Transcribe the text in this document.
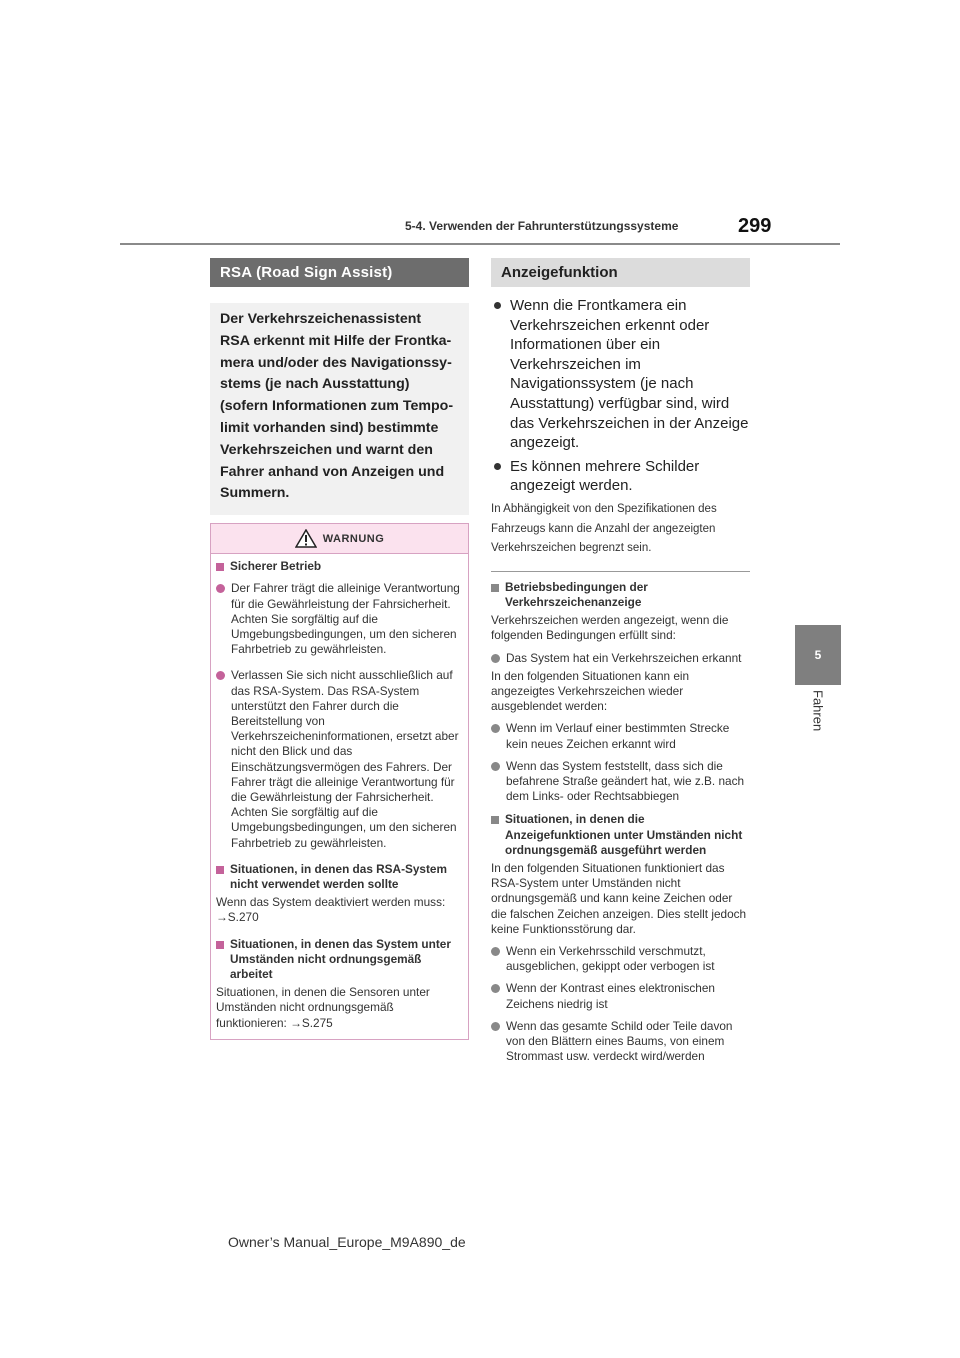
5-4. Verwenden der Fahrunterstützungssysteme	299
5
Fahren
RSA (Road Sign Assist)

Der Verkehrszeichenassistent

RSA erkennt mit Hilfe der Frontka-

mera und/oder des Navigationssy-

stems (je nach Ausstattung)

(sofern Informationen zum Tempo-

limit vorhanden sind) bestimmte

Verkehrszeichen und warnt den

Fahrer anhand von Anzeigen und

Summern.

WARNUNG
Sicherer Betrieb
Der Fahrer trägt die alleinige Verantwortung für die Gewährleistung der Fahrsicherheit. Achten Sie sorgfältig auf die Umgebungsbedingungen, um den sicheren Fahrbetrieb zu gewährleisten.
Verlassen Sie sich nicht ausschließlich auf das RSA-System. Das RSA-System unterstützt den Fahrer durch die Bereitstellung von Verkehrszeicheninformationen, ersetzt aber nicht den Blick und das Einschätzungsvermögen des Fahrers. Der Fahrer trägt die alleinige Verantwortung für die Gewährleistung der Fahrsicherheit. Achten Sie sorgfältig auf die Umgebungsbedingungen, um den sicheren Fahrbetrieb zu gewährleisten.
Situationen, in denen das RSA-System nicht verwendet werden sollte
Wenn das System deaktiviert werden muss: →S.270
Situationen, in denen das System unter Umständen nicht ordnungsgemäß arbeitet
Situationen, in denen die Sensoren unter Umständen nicht ordnungsgemäß funktionieren: →S.275
Anzeigefunktion
Wenn die Frontkamera ein Verkehrszeichen erkennt oder Informationen über ein Verkehrszeichen im Navigationssystem (je nach Ausstattung) verfügbar sind, wird das Verkehrszeichen in der Anzeige angezeigt.
Es können mehrere Schilder angezeigt werden.
In Abhängigkeit von den Spezifikationen des Fahrzeugs kann die Anzahl der angezeigten Verkehrszeichen begrenzt sein.
Betriebsbedingungen der Verkehrszeichenanzeige
Verkehrszeichen werden angezeigt, wenn die folgenden Bedingungen erfüllt sind:
Das System hat ein Verkehrszeichen erkannt
In den folgenden Situationen kann ein angezeigtes Verkehrszeichen wieder ausgeblendet werden:
Wenn im Verlauf einer bestimmten Strecke kein neues Zeichen erkannt wird
Wenn das System feststellt, dass sich die befahrene Straße geändert hat, wie z.B. nach dem Links- oder Rechtsabbiegen
Situationen, in denen die Anzeigefunktionen unter Umständen nicht ordnungsgemäß ausgeführt werden
In den folgenden Situationen funktioniert das RSA-System unter Umständen nicht ordnungsgemäß und kann keine Zeichen oder die falschen Zeichen anzeigen. Dies stellt jedoch keine Funktionsstörung dar.
Wenn ein Verkehrsschild verschmutzt, ausgeblichen, gekippt oder verbogen ist
Wenn der Kontrast eines elektronischen Zeichens niedrig ist
Wenn das gesamte Schild oder Teile davon von den Blättern eines Baums, von einem Strommast usw. verdeckt wird/werden
Owner’s Manual_Europe_M9A890_de
